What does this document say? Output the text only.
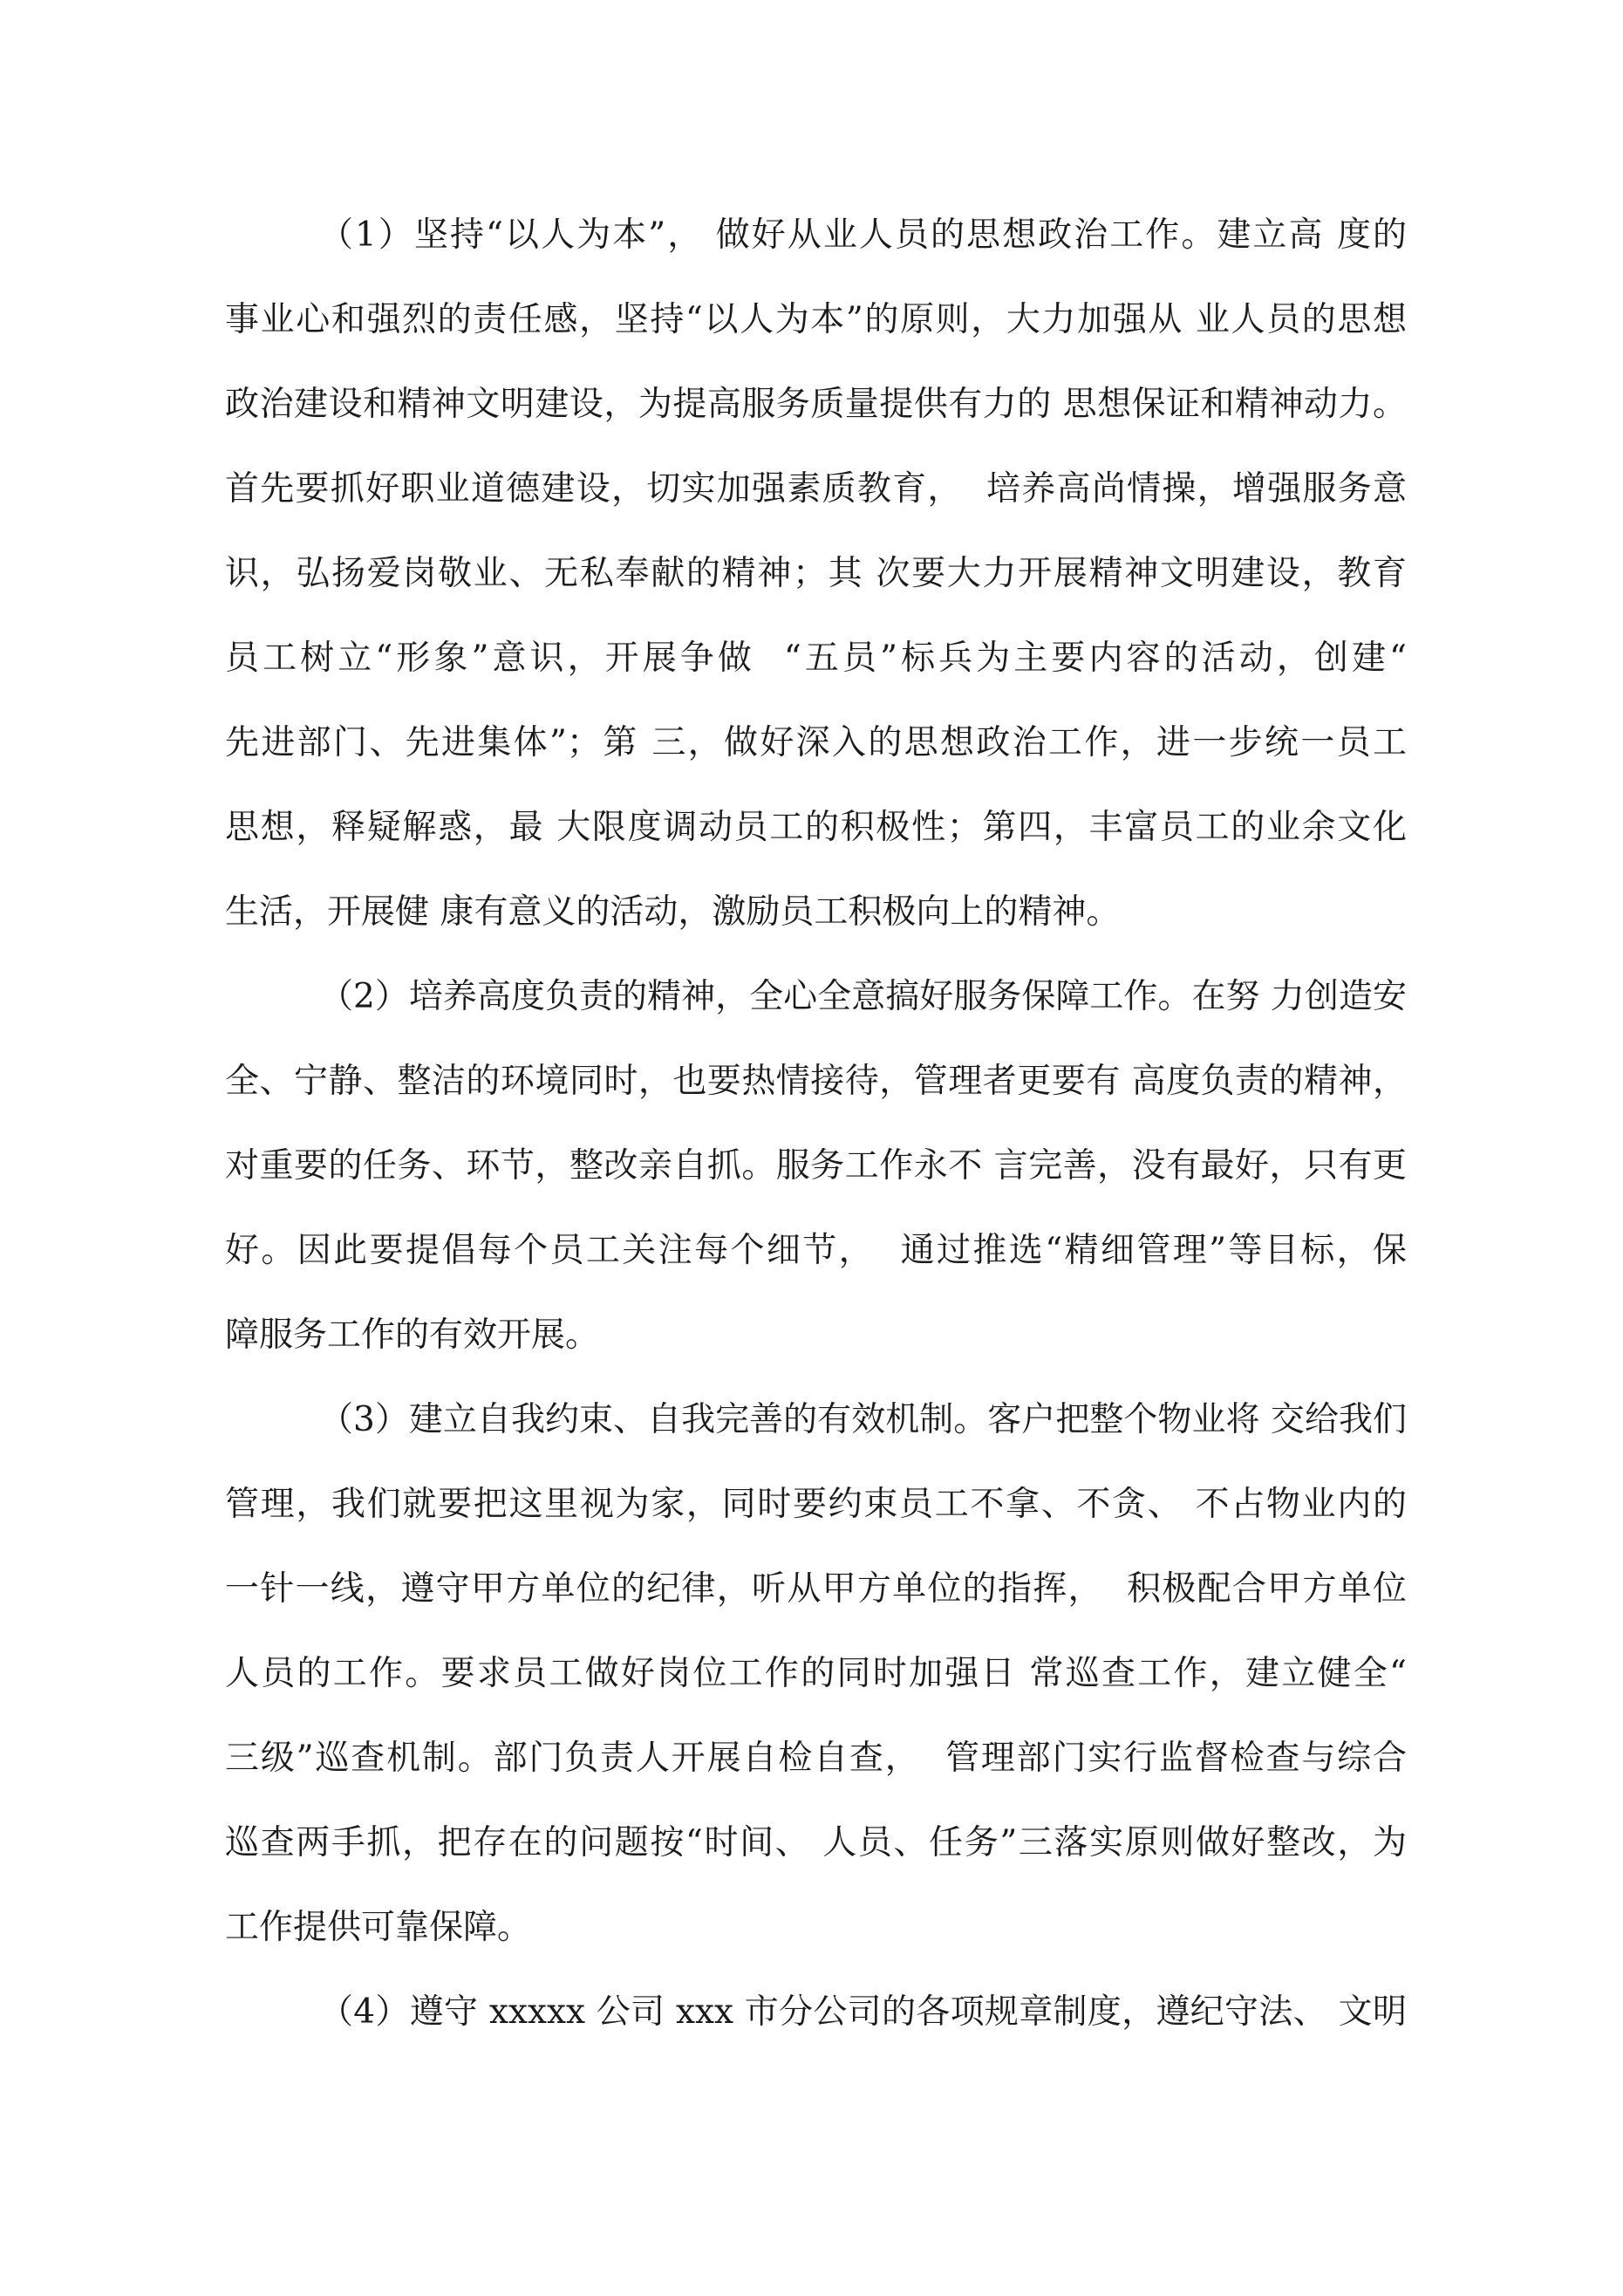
（1）坚持“以人为本”， 做好从业人员的思想政治工作。建立高 度的
事业心和强烈的责任感，坚持“以人为本”的原则，大力加强从 业人员的思想
政治建设和精神文明建设，为提高服务质量提供有力的 思想保证和精神动力。
首先要抓好职业道德建设，切实加强素质教育，  培养高尚情操，增强服务意
识，弘扬爱岗敬业、无私奉献的精神；其 次要大力开展精神文明建设，教育
员工树立“形象”意识，开展争做  “五员”标兵为主要内容的活动，创建“
先进部门、先进集体”；第 三，做好深入的思想政治工作，进一步统一员工
思想，释疑解惑，最 大限度调动员工的积极性；第四，丰富员工的业余文化
生活，开展健 康有意义的活动，激励员工积极向上的精神。
（2）培养高度负责的精神，全心全意搞好服务保障工作。在努 力创造安
全、宁静、整洁的环境同时，也要热情接待，管理者更要有 高度负责的精神，
对重要的任务、环节，整改亲自抓。服务工作永不 言完善，没有最好，只有更
好。因此要提倡每个员工关注每个细节，  通过推选“精细管理”等目标，保
障服务工作的有效开展。
（3）建立自我约束、自我完善的有效机制。客户把整个物业将 交给我们
管理，我们就要把这里视为家，同时要约束员工不拿、不贪、 不占物业内的
一针一线，遵守甲方单位的纪律，听从甲方单位的指挥，  积极配合甲方单位
人员的工作。要求员工做好岗位工作的同时加强日 常巡查工作，建立健全“
三级”巡查机制。部门负责人开展自检自查，  管理部门实行监督检查与综合
巡查两手抓，把存在的问题按“时间、 人员、任务”三落实原则做好整改，为
工作提供可靠保障。
（4）遵守 xxxxx 公司 xxx 市分公司的各项规章制度，遵纪守法、 文明
